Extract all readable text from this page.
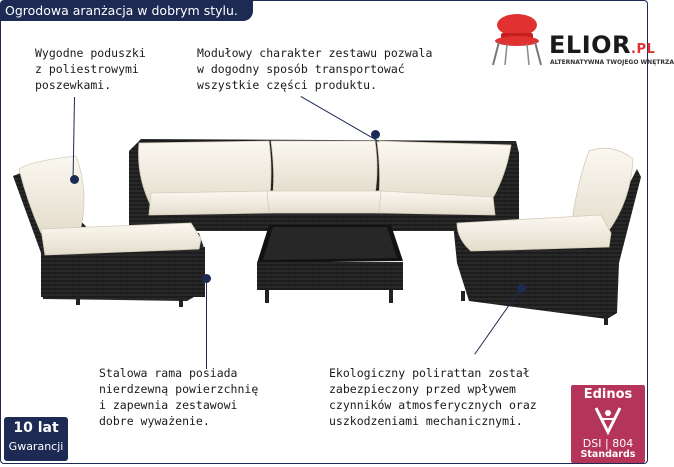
Ogrodowa aranżacja w dobrym stylu.
ELIOR.PL
ALTERNATYWNA TWOJEGO WNĘTRZA
Wygodne poduszki
z poliestrowymi
poszewkami.
Modułowy charakter zestawu pozwala
w dogodny sposób transportować
wszystkie części produktu.
Stalowa rama posiada
nierdzewną powierzchnię
i zapewnia zestawowi
dobre wyważenie.
Ekologiczny polirattan został
zabezpieczony przed wpływem
czynników atmosferycznych oraz
uszkodzeniami mechanicznymi.
10 lat
Gwarancji
Edinos
DSI | 804
Standards
